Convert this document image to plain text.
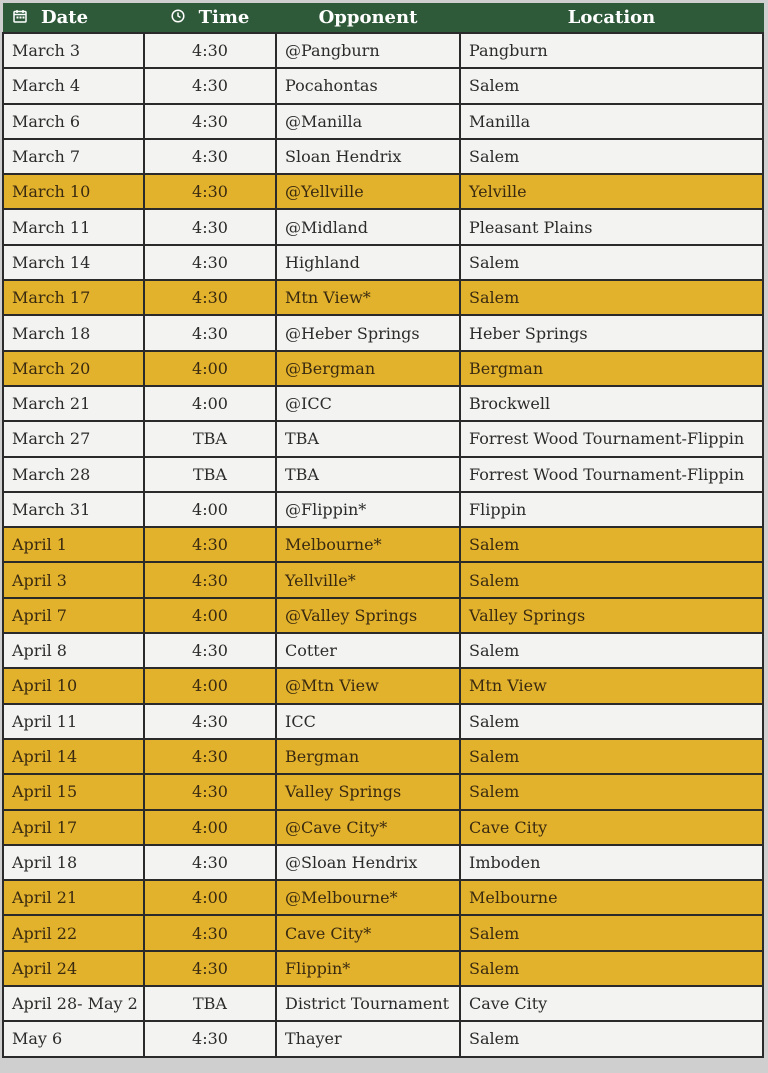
Date	Time	Opponent	Location
March 3	4:30	@Pangburn	Pangburn
March 4	4:30	Pocahontas	Salem
March 6	4:30	@Manilla	Manilla
March 7	4:30	Sloan Hendrix	Salem
March 10	4:30	@Yellville	Yelville
March 11	4:30	@Midland	Pleasant Plains
March 14	4:30	Highland	Salem
March 17	4:30	Mtn View*	Salem
March 18	4:30	@Heber Springs	Heber Springs
March 20	4:00	@Bergman	Bergman
March 21	4:00	@ICC	Brockwell
March 27	TBA	TBA	Forrest Wood Tournament-Flippin
March 28	TBA	TBA	Forrest Wood Tournament-Flippin
March 31	4:00	@Flippin*	Flippin
April 1	4:30	Melbourne*	Salem
April 3	4:30	Yellville*	Salem
April 7	4:00	@Valley Springs	Valley Springs
April 8	4:30	Cotter	Salem
April 10	4:00	@Mtn View	Mtn View
April 11	4:30	ICC	Salem
April 14	4:30	Bergman	Salem
April 15	4:30	Valley Springs	Salem
April 17	4:00	@Cave City*	Cave City
April 18	4:30	@Sloan Hendrix	Imboden
April 21	4:00	@Melbourne*	Melbourne
April 22	4:30	Cave City*	Salem
April 24	4:30	Flippin*	Salem
April 28- May 2	TBA	District Tournament	Cave City
May 6	4:30	Thayer	Salem
